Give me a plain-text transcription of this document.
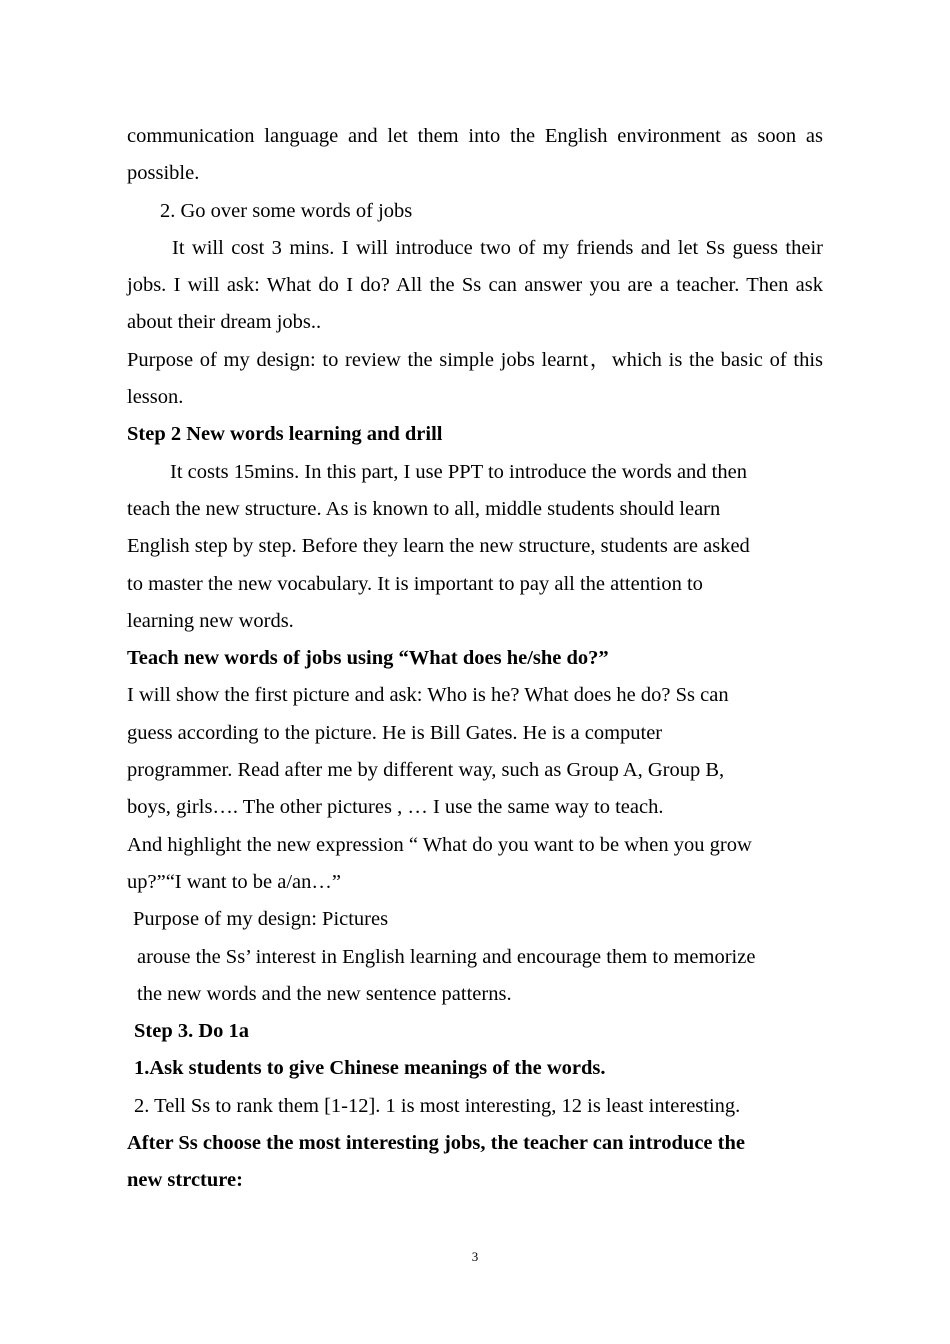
communication language and let them into the English environment as soon as possible.

2. Go over some words of jobs

It will cost 3 mins. I will introduce two of my friends and let Ss guess their jobs. I will ask: What do I do? All the Ss can answer you are a teacher. Then ask about their dream jobs..

Purpose of my design: to review the simple jobs learnt，which is the basic of this lesson.

Step 2 New words learning and drill

It costs 15mins. In this part, I use PPT to introduce the words and then

teach the new structure. As is known to all, middle students should learn

English step by step. Before they learn the new structure, students are asked

to master the new vocabulary. It is important to pay all the attention to

learning new words.

Teach new words of jobs using “What does he/she do?”

I will show the first picture and ask: Who is he? What does he do? Ss can

guess according to the picture. He is Bill Gates. He is a computer

programmer. Read after me by different way, such as Group A, Group B,

boys, girls…. The other pictures , … I use the same way to teach.

And highlight the new expression “ What do you want to be when you grow

up?”“I want to be a/an…”

Purpose of my design: Pictures

arouse the Ss’ interest in English learning and encourage them to memorize

the new words and the new sentence patterns.

Step 3. Do 1a

1.Ask students to give Chinese meanings of the words.

2. Tell Ss to rank them [1-12]. 1 is most interesting, 12 is least interesting.

After Ss choose the most interesting jobs, the teacher can introduce the

new strcture:

3
